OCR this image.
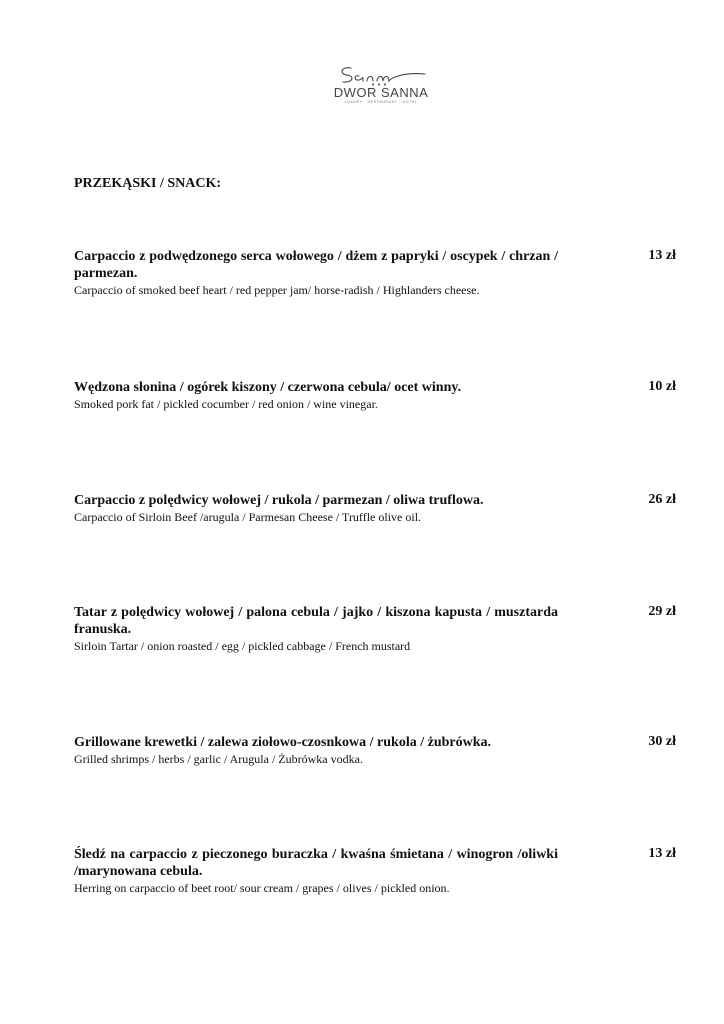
DWOR SANNA
LUXURY · RESTAURANT · HOTEL
PRZEKĄSKI / SNACK:
Carpaccio z podwędzonego serca wołowego / dżem z papryki / oscypek / chrzan / parmezan.
Carpaccio of smoked beef heart / red pepper jam/ horse-radish / Highlanders cheese.
13 zł
Wędzona słonina / ogórek kiszony / czerwona cebula/ ocet winny.
Smoked pork fat / pickled cocumber / red onion / wine vinegar.
10 zł
Carpaccio z polędwicy wołowej / rukola / parmezan / oliwa truflowa.
Carpaccio of Sirloin Beef /arugula / Parmesan Cheese / Truffle olive oil.
26 zł
Tatar z polędwicy wołowej / palona cebula / jajko / kiszona kapusta / musztarda franuska.
Sirloin Tartar / onion roasted / egg / pickled cabbage / French mustard
29 zł
Grillowane krewetki / zalewa ziołowo-czosnkowa / rukola / żubrówka.
Grilled shrimps / herbs / garlic / Arugula / Żubrówka vodka.
30 zł
Śledź na carpaccio z pieczonego buraczka / kwaśna śmietana / winogron /oliwki /marynowana cebula.
Herring on carpaccio of beet root/ sour cream / grapes / olives / pickled onion.
13 zł
